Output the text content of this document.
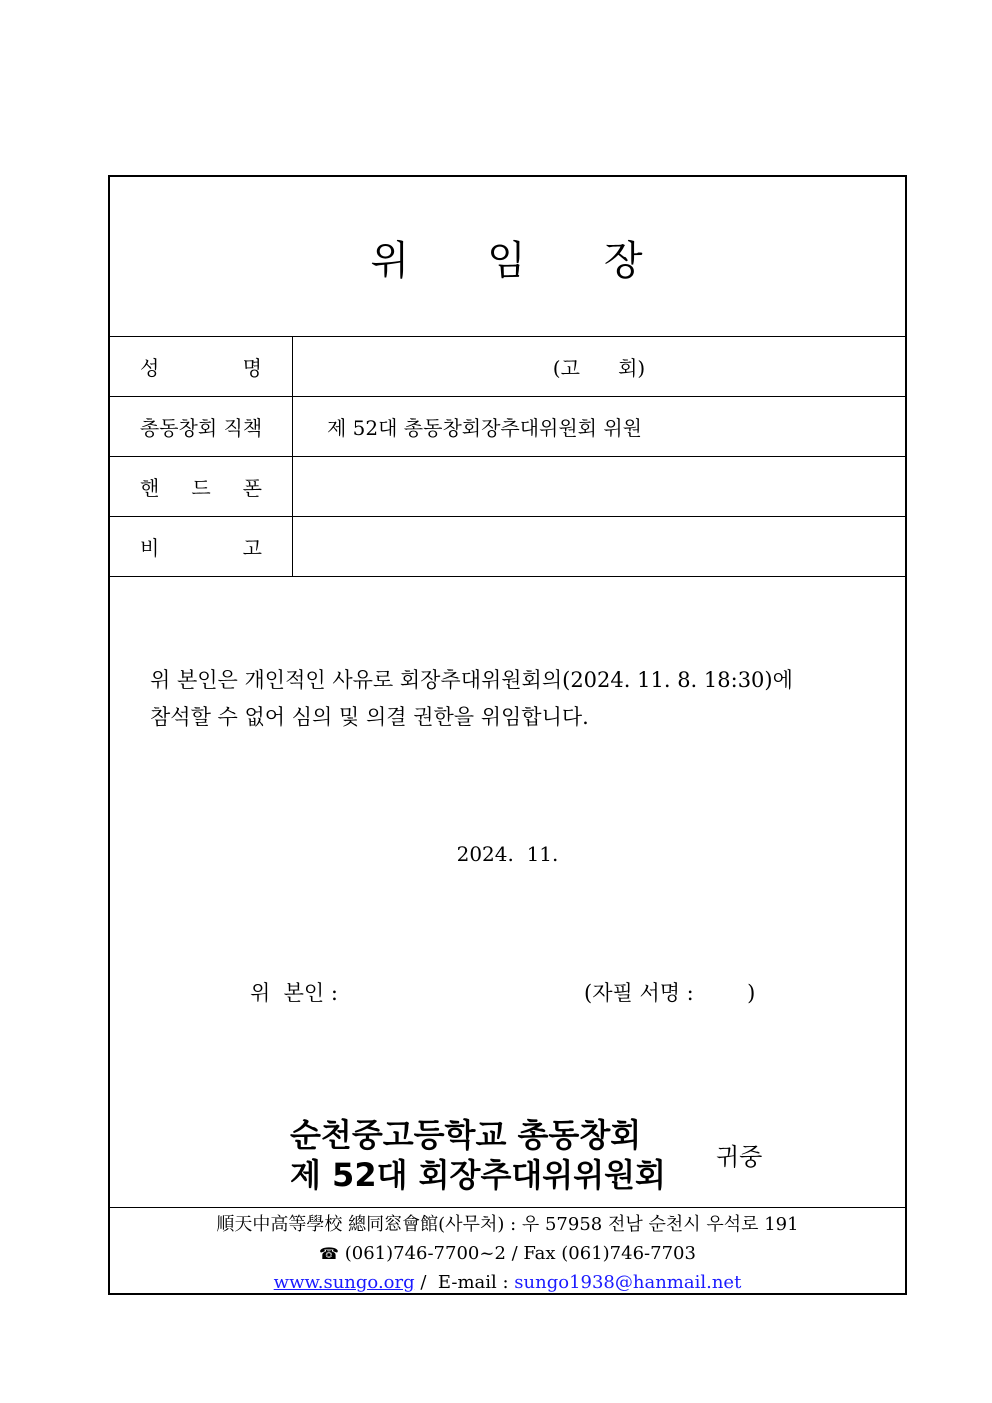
위 임 장
성 명	(고      회)
총동창회 직책	제 52대 총동창회장추대위원회 위원

핸 드 폰	

비 고	

위 본인은 개인적인 사유로 회장추대위원회의(2024. 11. 8. 18:30)에
참석할 수 없어 심의 및 의결 권한을 위임합니다.
2024.  11.
위  본인 :	(자필 서명 :        )
순천중고등학교 총동창회
제 52대 회장추대위위원회 귀중
順天中高等學校 總同窓會館(사무처) : 우 57958 전남 순천시 우석로 191
☎ (061)746-7700~2 / Fax (061)746-7703
www.sungo.org /  E-mail : sungo1938@hanmail.net
